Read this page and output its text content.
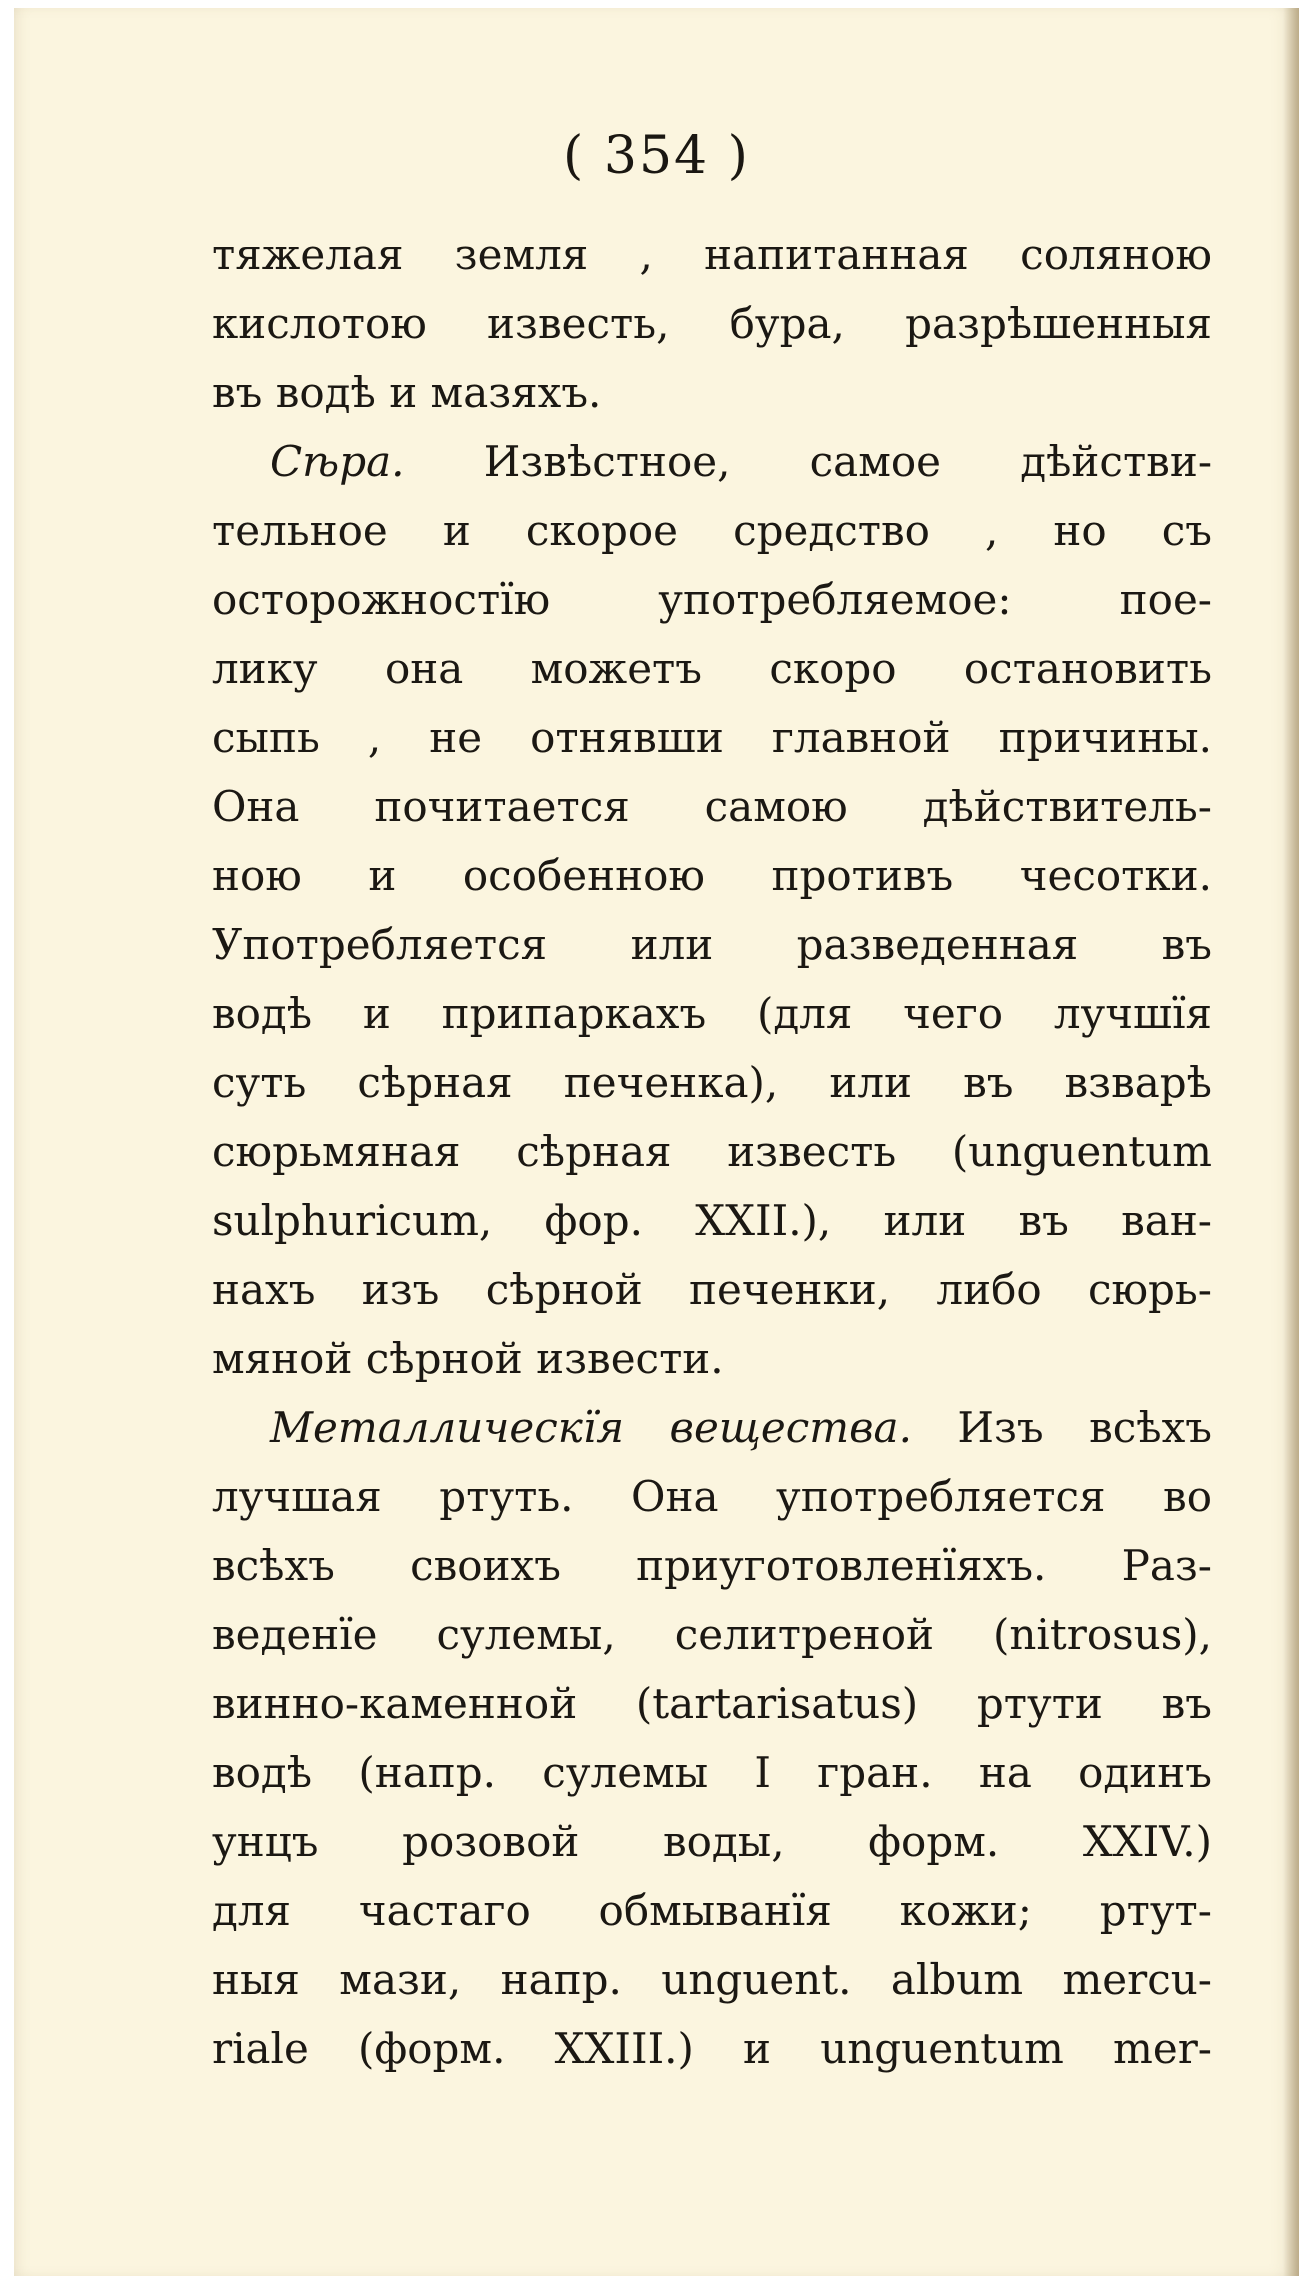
( 354 )
тяжелая земля , напитанная соляною
кислотою известь, бура, разрѣшенныя
въ водѣ и мазяхъ.
Сѣра. Извѣстное, самое дѣйстви-
тельное и скорое средство , но съ
осторожностїю употребляемое: пое-
лику она можетъ скоро остановить
сыпь , не отнявши главной причины.
Она почитается самою дѣйствитель-
ною и особенною противъ чесотки.
Употребляется или разведенная въ
водѣ и припаркахъ (для чего лучшїя
суть сѣрная печенка), или въ взварѣ
сюрьмяная сѣрная известь (unguentum
sulphuricum, фор. XXII.), или въ ван-
нахъ изъ сѣрной печенки, либо сюрь-
мяной сѣрной извести.
Металлическїя вещества. Изъ всѣхъ
лучшая ртуть. Она употребляется во
всѣхъ своихъ приуготовленїяхъ. Раз-
веденїе сулемы, селитреной (nitrosus),
винно-каменной (tartarisatus) ртути въ
водѣ (напр. сулемы I гран. на одинъ
унцъ розовой воды, форм. XXIV.)
для частаго обмыванїя кожи; ртут-
ныя мази, напр. unguent. album mercu-
riale (форм. XXIII.) и unguentum mer-
